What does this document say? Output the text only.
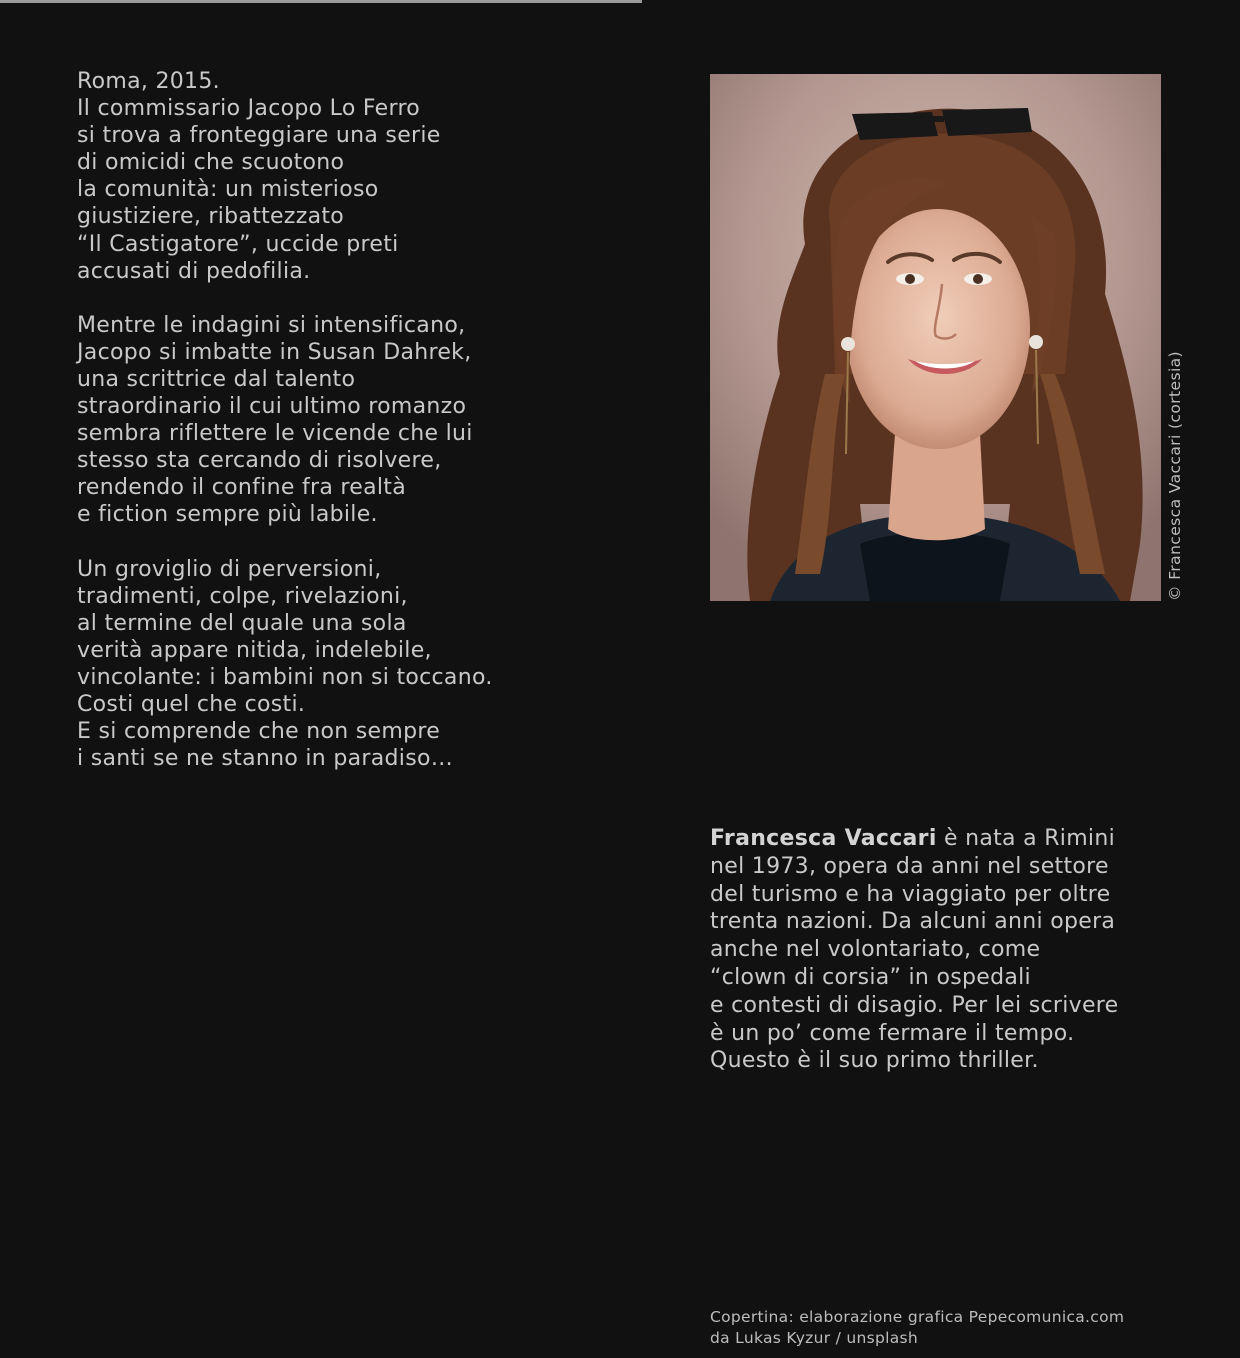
Roma, 2015.
Il commissario Jacopo Lo Ferro
si trova a fronteggiare una serie
di omicidi che scuotono
la comunità: un misterioso
giustiziere, ribattezzato
“Il Castigatore”, uccide preti
accusati di pedofilia.
Mentre le indagini si intensificano,
Jacopo si imbatte in Susan Dahrek,
una scrittrice dal talento
straordinario il cui ultimo romanzo
sembra riflettere le vicende che lui
stesso sta cercando di risolvere,
rendendo il confine fra realtà
e fiction sempre più labile.
Un groviglio di perversioni,
tradimenti, colpe, rivelazioni,
al termine del quale una sola
verità appare nitida, indelebile,
vincolante: i bambini non si toccano.
Costi quel che costi.
E si comprende che non sempre
i santi se ne stanno in paradiso…
© Francesca Vaccari (cortesia)
Francesca Vaccari è nata a Rimini
nel 1973, opera da anni nel settore
del turismo e ha viaggiato per oltre
trenta nazioni. Da alcuni anni opera
anche nel volontariato, come
“clown di corsia” in ospedali
e contesti di disagio. Per lei scrivere
è un po’ come fermare il tempo.
Questo è il suo primo thriller.
Copertina: elaborazione grafica Pepecomunica.com
da Lukas Kyzur / unsplash
